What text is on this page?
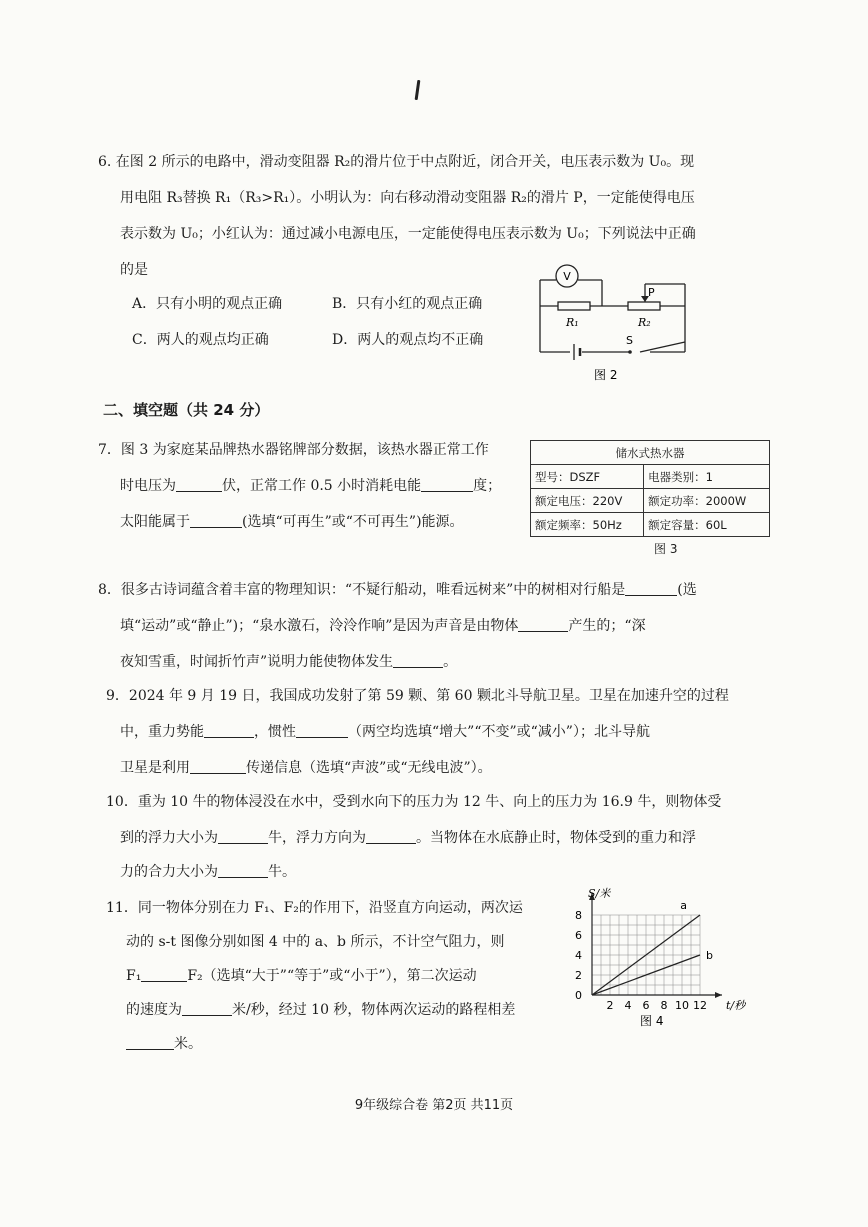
6. 在图 2 所示的电路中，滑动变阻器 R₂的滑片位于中点附近，闭合开关，电压表示数为 U₀。现
用电阻 R₃替换 R₁（R₃>R₁）。小明认为：向右移动滑动变阻器 R₂的滑片 P，一定能使得电压
表示数为 U₀；小红认为：通过减小电源电压，一定能使得电压表示数为 U₀；下列说法中正确
的是
A．只有小明的观点正确	B．只有小红的观点正确
C．两人的观点均正确	D．两人的观点均不正确
V
P
R₁	R₂
S
图 2
二、填空题（共 24 分）
7．图 3 为家庭某品牌热水器铭牌部分数据，该热水器正常工作
时电压为	伏，正常工作 0.5 小时消耗电能	度；
太阳能属于	(选填“可再生”或“不可再生”)能源。
储水式热水器	
型号：DSZF	电器类别：1
额定电压：220V	额定功率：2000W
额定频率：50Hz	额定容量：60L
图 3
8．很多古诗词蕴含着丰富的物理知识：“不疑行船动，唯看远树来”中的树相对行船是	(选
填“运动”或“静止”)；“泉水激石，泠泠作响”是因为声音是由物体	产生的；“深
夜知雪重，时闻折竹声”说明力能使物体发生	。
9．2024 年 9 月 19 日，我国成功发射了第 59 颗、第 60 颗北斗导航卫星。卫星在加速升空的过程
中，重力势能	，惯性	（两空均选填“增大”“不变”或“减小”）；北斗导航
卫星是利用	传递信息（选填“声波”或“无线电波”）。
10．重为 10 牛的物体浸没在水中，受到水向下的压力为 12 牛、向上的压力为 16.9 牛，则物体受
到的浮力大小为	牛，浮力方向为	。当物体在水底静止时，物体受到的重力和浮
力的合力大小为	牛。
11．同一物体分别在力 F₁、F₂的作用下，沿竖直方向运动，两次运
动的 s-t 图像分别如图 4 中的 a、b 所示，不计空气阻力，则
F₁	F₂（选填“大于”“等于”或“小于”），第二次运动
的速度为	米/秒，经过 10 秒，物体两次运动的路程相差
米。
2 4 6 8 10 12
2
4
6
8
0
S/米
t/秒
a
b
图 4
9年级综合卷 第2页 共11页
